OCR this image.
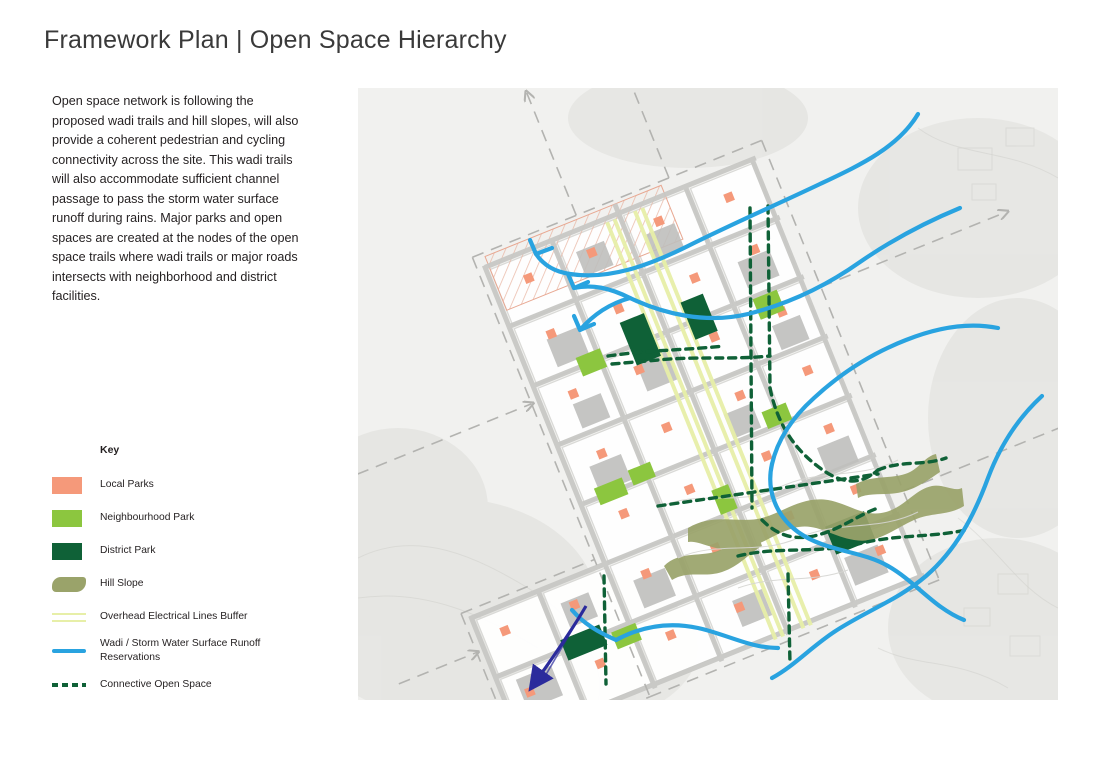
Framework Plan | Open Space Hierarchy
Open space network is following the proposed wadi trails and hill slopes, will also provide a coherent pedestrian and cycling connectivity across the site. This wadi trails will also accommodate sufficient channel passage to pass the storm water surface runoff during rains. Major parks and open spaces are created at the nodes of the open space trails where wadi trails or major roads intersects with neighborhood and district facilities.
Key
Local Parks
Neighbourhood Park
District Park
Hill Slope
Overhead Electrical Lines Buffer
Wadi / Storm Water Surface Runoff Reservations
Connective Open Space
